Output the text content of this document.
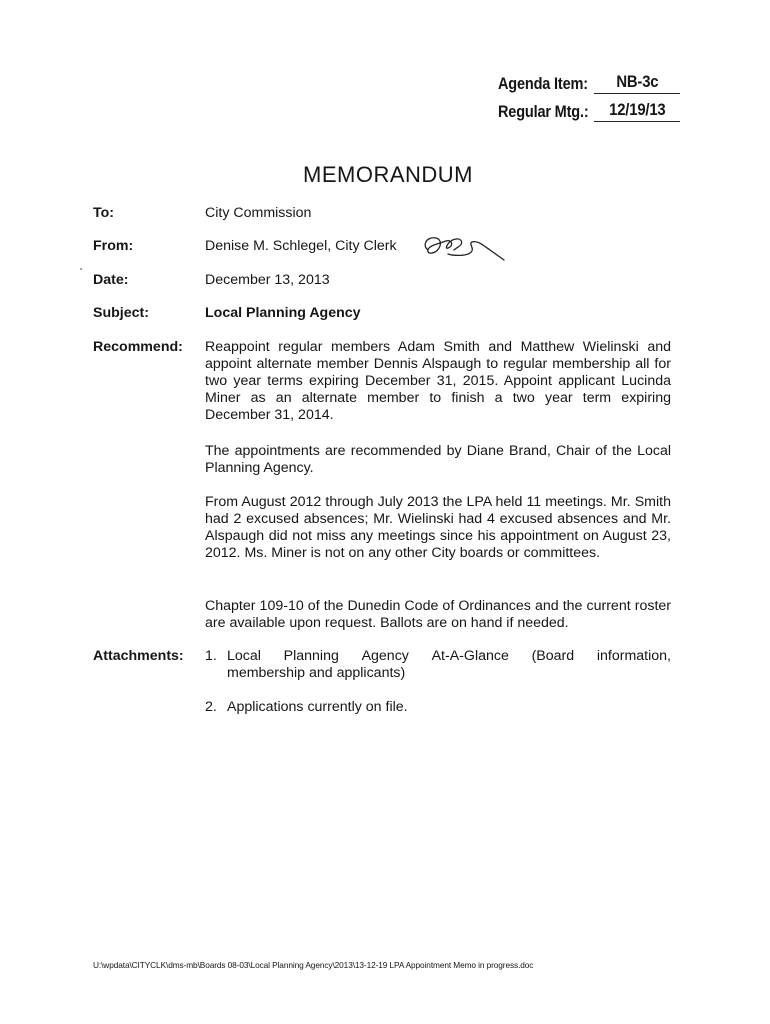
Agenda Item:	NB-3c
Regular Mtg.:	12/19/13
MEMORANDUM
To:	City Commission
From:	Denise M. Schlegel, City Clerk
Date:	December 13, 2013
Subject:	Local Planning Agency
Recommend:	Reappoint regular members Adam Smith and Matthew Wielinski and appoint alternate member Dennis Alspaugh to regular membership all for two year terms expiring December 31, 2015. Appoint applicant Lucinda Miner as an alternate member to finish a two year term expiring December 31, 2014.
The appointments are recommended by Diane Brand, Chair of the Local Planning Agency.
From August 2012 through July 2013 the LPA held 11 meetings. Mr. Smith had 2 excused absences; Mr. Wielinski had 4 excused absences and Mr. Alspaugh did not miss any meetings since his appointment on August 23, 2012. Ms. Miner is not on any other City boards or committees.
Chapter 109-10 of the Dunedin Code of Ordinances and the current roster are available upon request. Ballots are on hand if needed.
Attachments:	1. Local Planning Agency At-A-Glance (Board information,
membership and applicants)
2. Applications currently on file.
U:\wpdata\CITYCLK\dms-mb\Boards 08-03\Local Planning Agency\2013\13-12-19 LPA Appointment Memo in progress.doc
